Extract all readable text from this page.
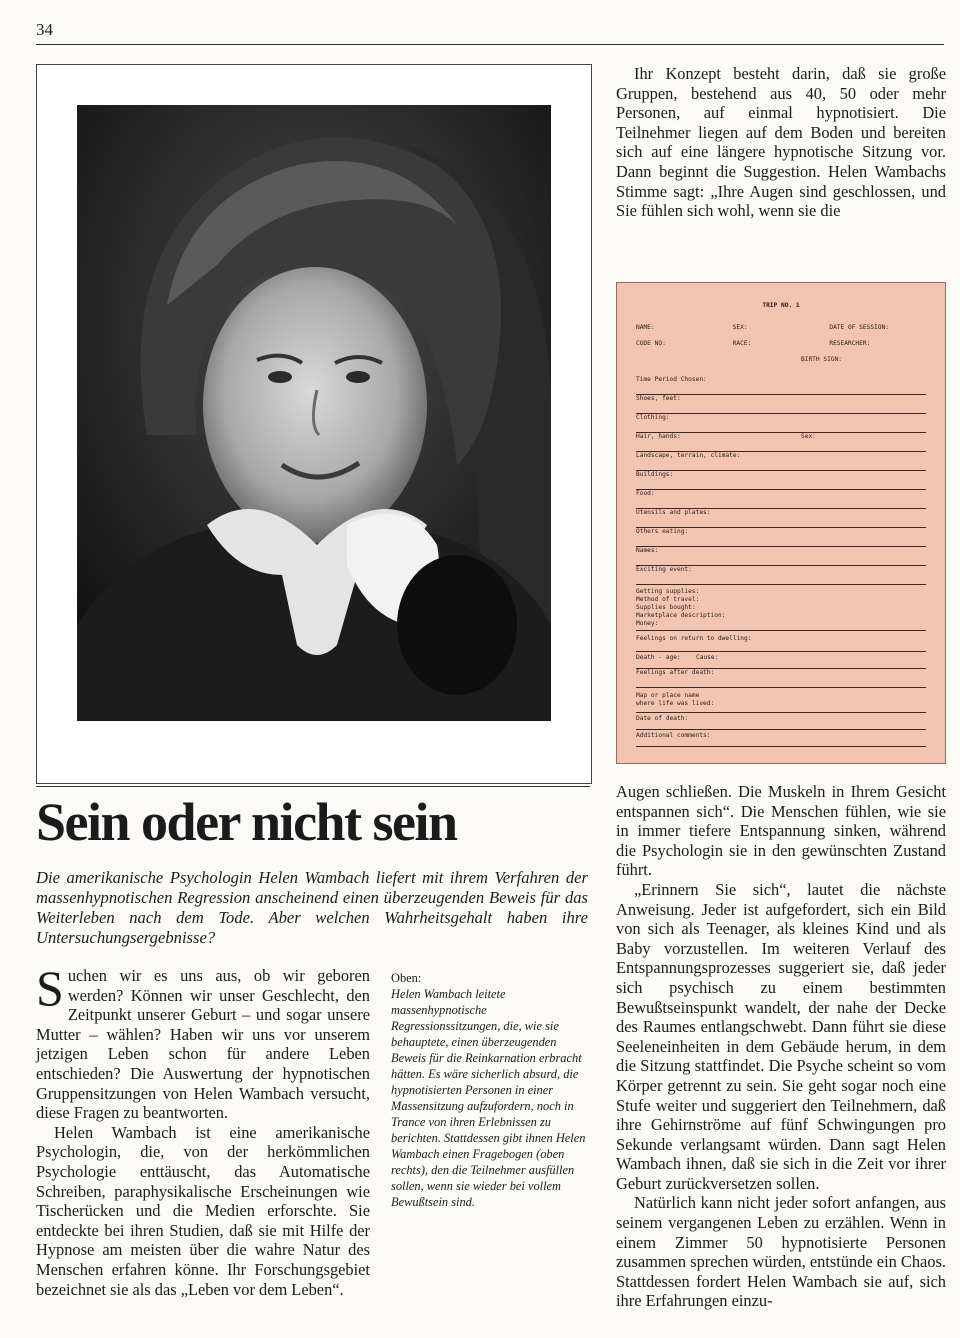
34
Ihr Konzept besteht darin, daß sie große Gruppen, bestehend aus 40, 50 oder mehr Personen, auf einmal hypnotisiert. Die Teilnehmer liegen auf dem Boden und bereiten sich auf eine längere hypnotische Sitzung vor. Dann beginnt die Suggestion. Helen Wambachs Stimme sagt: „Ihre Augen sind geschlossen, und Sie fühlen sich wohl, wenn sie die
TRIP NO. 1
NAME:	SEX:	DATE OF SESSION:
CODE NO:	RACE:	RESEARCHER:
BIRTH SIGN:
Time Period Chosen:
Shoes, feet:
Clothing:
Hair, hands:	Sex:
Landscape, terrain, climate:
Buildings:
Food:
Utensils and plates:
Others eating:
Names:
Exciting event:
Getting supplies:
Method of travel:
Supplies bought:
Marketplace description:
Money:
Feelings on return to dwelling:
Death - age: Cause:
Feelings after death:
Map or place name
where life was lived:
Date of death:
Additional comments:
Sein oder nicht sein
Die amerikanische Psychologin Helen Wambach liefert mit ihrem Verfahren der massenhypnotischen Regression anscheinend einen überzeugenden Beweis für das Weiterleben nach dem Tode. Aber welchen Wahrheitsgehalt haben ihre Untersuchungsergebnisse?

Suchen wir es uns aus, ob wir geboren werden? Können wir unser Geschlecht, den Zeitpunkt unserer Geburt – und sogar unsere Mutter – wählen? Haben wir uns vor unserem jetzigen Leben schon für andere Leben entschieden? Die Auswertung der hypnotischen Gruppensitzungen von Helen Wambach versucht, diese Fragen zu beantworten.

Helen Wambach ist eine amerikanische Psychologin, die, von der herkömmlichen Psychologie enttäuscht, das Automatische Schreiben, paraphysikalische Erscheinungen wie Tischerücken und die Medien erforschte. Sie entdeckte bei ihren Studien, daß sie mit Hilfe der Hypnose am meisten über die wahre Natur des Menschen erfahren könne. Ihr Forschungsgebiet bezeichnet sie als das „Leben vor dem Leben“.

Oben:
Helen Wambach leitete massenhypnotische Regressionssitzungen, die, wie sie behauptete, einen überzeugenden Beweis für die Reinkarnation erbracht hätten. Es wäre sicherlich absurd, die hypnotisierten Personen in einer Massensitzung aufzufordern, noch in Trance von ihren Erlebnissen zu berichten. Stattdessen gibt ihnen Helen Wambach einen Fragebogen (oben rechts), den die Teilnehmer ausfüllen sollen, wenn sie wieder bei vollem Bewußtsein sind.

Augen schließen. Die Muskeln in Ihrem Gesicht entspannen sich“. Die Menschen fühlen, wie sie in immer tiefere Entspannung sinken, während die Psychologin sie in den gewünschten Zustand führt.

„Erinnern Sie sich“, lautet die nächste Anweisung. Jeder ist aufgefordert, sich ein Bild von sich als Teenager, als kleines Kind und als Baby vorzustellen. Im weiteren Verlauf des Entspannungsprozesses suggeriert sie, daß jeder sich psychisch zu einem bestimmten Bewußtseinspunkt wandelt, der nahe der Decke des Raumes entlangschwebt. Dann führt sie diese Seeleneinheiten in dem Gebäude herum, in dem die Sitzung stattfindet. Die Psyche scheint so vom Körper getrennt zu sein. Sie geht sogar noch eine Stufe weiter und suggeriert den Teilnehmern, daß ihre Gehirnströme auf fünf Schwingungen pro Sekunde verlangsamt würden. Dann sagt Helen Wambach ihnen, daß sie sich in die Zeit vor ihrer Geburt zurückversetzen sollen.

Natürlich kann nicht jeder sofort anfangen, aus seinem vergangenen Leben zu erzählen. Wenn in einem Zimmer 50 hypnotisierte Personen zusammen sprechen würden, entstünde ein Chaos. Stattdessen fordert Helen Wambach sie auf, sich ihre Erfahrungen einzu-
